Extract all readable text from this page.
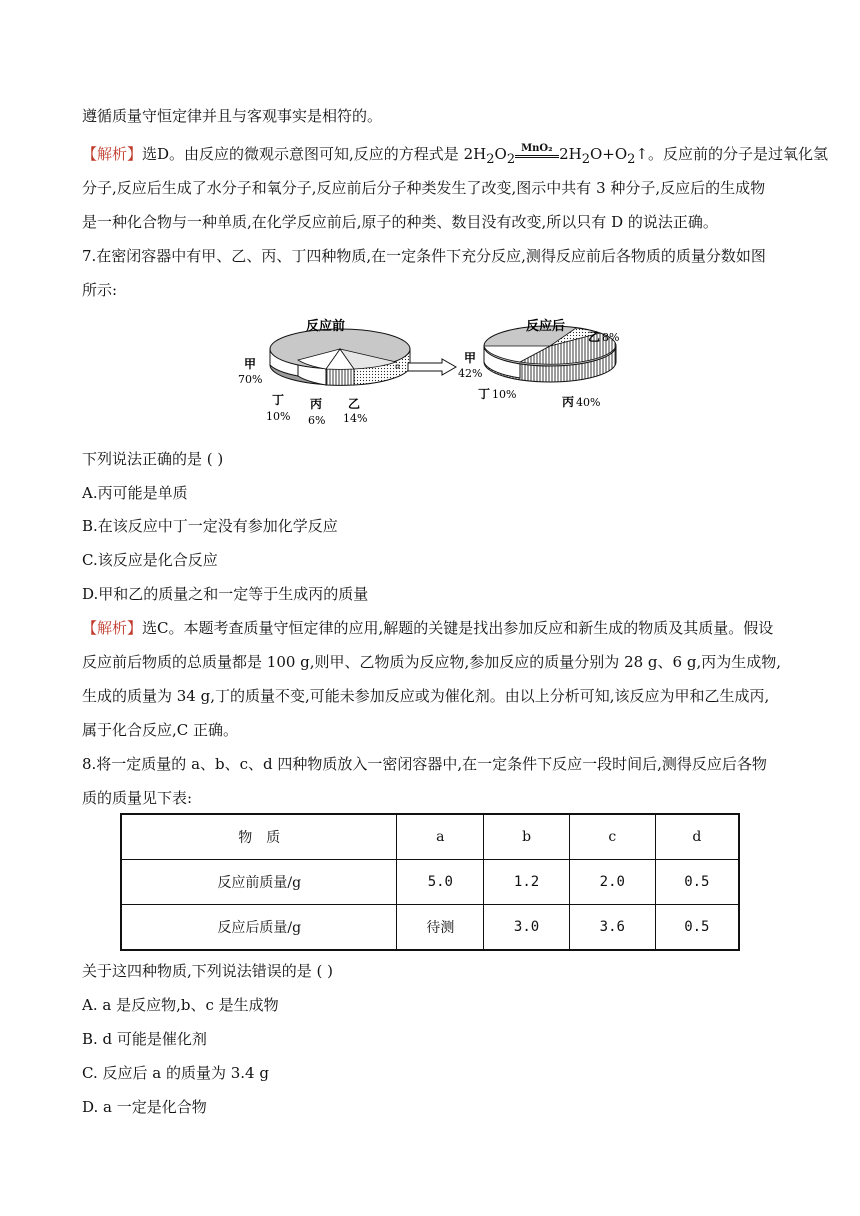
遵循质量守恒定律并且与客观事实是相符的。
【解析】选D。由反应的微观示意图可知,反应的方程式是 $2H_2O_2$
MnO₂ $2H_2O+O_2↑$。反应前的分子是过氧化氢
分子,反应后生成了水分子和氧分子,反应前后分子种类发生了改变,图示中共有 3 种分子,反应后的生成物
是一种化合物与一种单质,在化学反应前后,原子的种类、数目没有改变,所以只有 D 的说法正确。
7.在密闭容器中有甲、乙、丙、丁四种物质,在一定条件下充分反应,测得反应前后各物质的质量分数如图
所示:
反应前
甲
70%
丁
10%
丙
6%
乙
14%
反应后
甲
42%
丁 10%
丙 40%
乙 8%
下列说法正确的是 ( )
A.丙可能是单质
B.在该反应中丁一定没有参加化学反应
C.该反应是化合反应
D.甲和乙的质量之和一定等于生成丙的质量
【解析】选C。本题考查质量守恒定律的应用,解题的关键是找出参加反应和新生成的物质及其质量。假设
反应前后物质的总质量都是 100 g,则甲、乙物质为反应物,参加反应的质量分别为 28 g、6 g,丙为生成物,
生成的质量为 34 g,丁的质量不变,可能未参加反应或为催化剂。由以上分析可知,该反应为甲和乙生成丙,
属于化合反应,C 正确。
8.将一定质量的 a、b、c、d 四种物质放入一密闭容器中,在一定条件下反应一段时间后,测得反应后各物
质的质量见下表:
物　质	a	b	c	d
反应前质量/g	5.0	1.2	2.0	0.5
反应后质量/g	待测	3.0	3.6	0.5
关于这四种物质,下列说法错误的是 ( )
A. a 是反应物,b、c 是生成物
B. d 可能是催化剂
C. 反应后 a 的质量为 3.4 g
D. a 一定是化合物
